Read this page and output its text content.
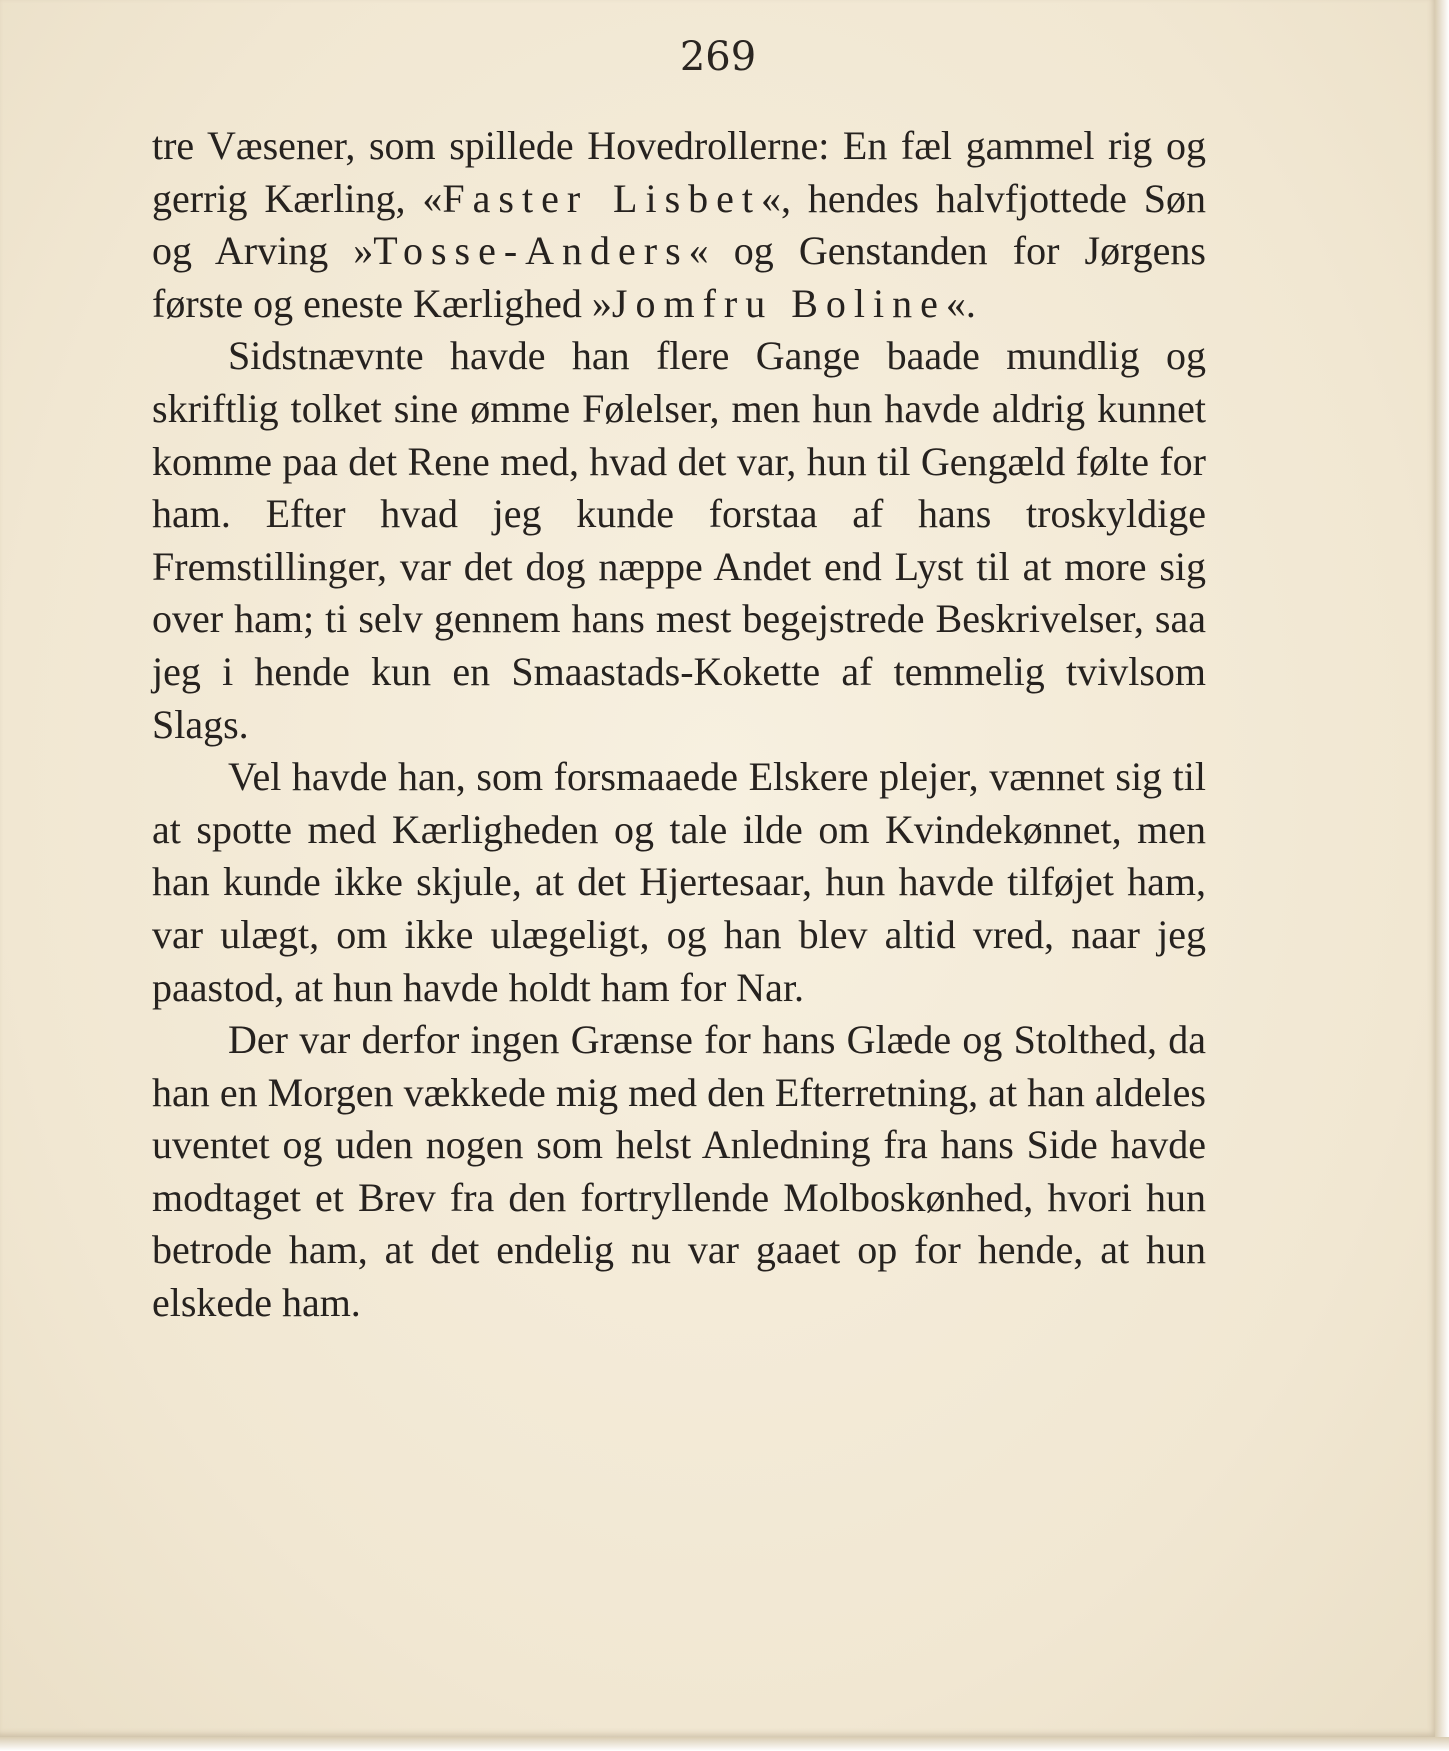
269

tre Væsener, som spillede Hovedrollerne: En fæl gammel rig og gerrig Kærling, «Faster Lisbet«, hendes halvfjottede Søn og Arving »Tosse-Anders« og Genstanden for Jørgens første og eneste Kærlighed »Jomfru Boline«.

Sidstnævnte havde han flere Gange baade mundlig og skriftlig tolket sine ømme Følelser, men hun havde aldrig kunnet komme paa det Rene med, hvad det var, hun til Gengæld følte for ham. Efter hvad jeg kunde forstaa af hans troskyldige Fremstillinger, var det dog næppe Andet end Lyst til at more sig over ham; ti selv gennem hans mest begejstrede Beskrivelser, saa jeg i hende kun en Smaastads-Kokette af temmelig tvivlsom Slags.

Vel havde han, som forsmaaede Elskere plejer, vænnet sig til at spotte med Kærligheden og tale ilde om Kvindekønnet, men han kunde ikke skjule, at det Hjertesaar, hun havde tilføjet ham, var ulægt, om ikke ulægeligt, og han blev altid vred, naar jeg paastod, at hun havde holdt ham for Nar.

Der var derfor ingen Grænse for hans Glæde og Stolthed, da han en Morgen vækkede mig med den Efterretning, at han aldeles uventet og uden nogen som helst Anledning fra hans Side havde modtaget et Brev fra den fortryllende Molboskønhed, hvori hun betrode ham, at det endelig nu var gaaet op for hende, at hun elskede ham.
